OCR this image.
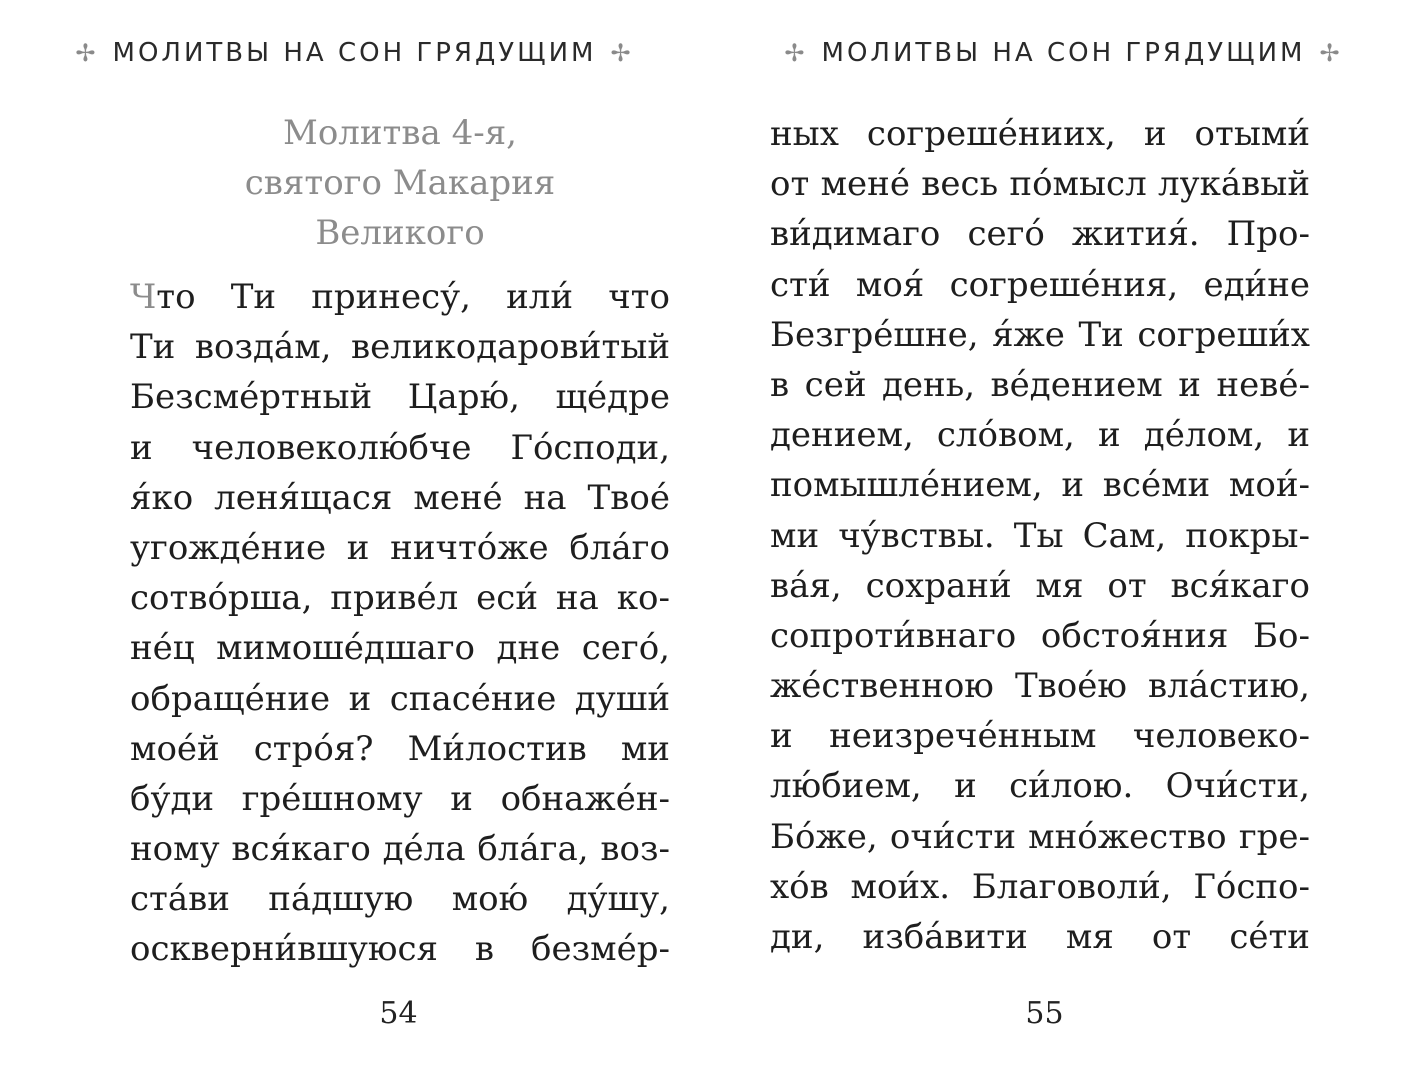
✢ МОЛИТВЫ НА СОН ГРЯДУЩИМ ✢
Молитва 4-я,
святого Макария
Великого
Что Ти принесу́, или́ что
Ти возда́м, великодарови́тый
Безсме́ртный Царю́, ще́дре
и человеколю́бче Го́споди,
я́ко леня́щася мене́ на Твое́
угожде́ние и ничто́же бла́го
сотво́рша, приве́л еси́ на ко-
не́ц мимоше́дшаго дне сего́,
обраще́ние и спасе́ние души́
мое́й стро́я? Ми́лостив ми
бу́ди гре́шному и обнаже́н-
ному вся́каго де́ла бла́га, воз-
ста́ви па́дшую мою́ ду́шу,
оскверни́вшуюся в безме́р-
54
✢ МОЛИТВЫ НА СОН ГРЯДУЩИМ ✢
ных согреше́ниих, и отыми́
от мене́ весь по́мысл лука́вый
ви́димаго сего́ жития́. Про-
сти́ моя́ согреше́ния, еди́не
Безгре́шне, я́же Ти согреши́х
в сей день, ве́дением и неве́-
дением, сло́вом, и де́лом, и
помышле́нием, и все́ми мои́-
ми чу́вствы. Ты Сам, покры-
ва́я, сохрани́ мя от вся́каго
сопроти́внаго обстоя́ния Бо-
же́ственною Твое́ю вла́стию,
и неизрече́нным человеко-
лю́бием, и си́лою. Очи́сти,
Бо́же, очи́сти мно́жество гре-
хо́в мои́х. Благоволи́, Го́спо-
ди, изба́вити мя от се́ти
55
